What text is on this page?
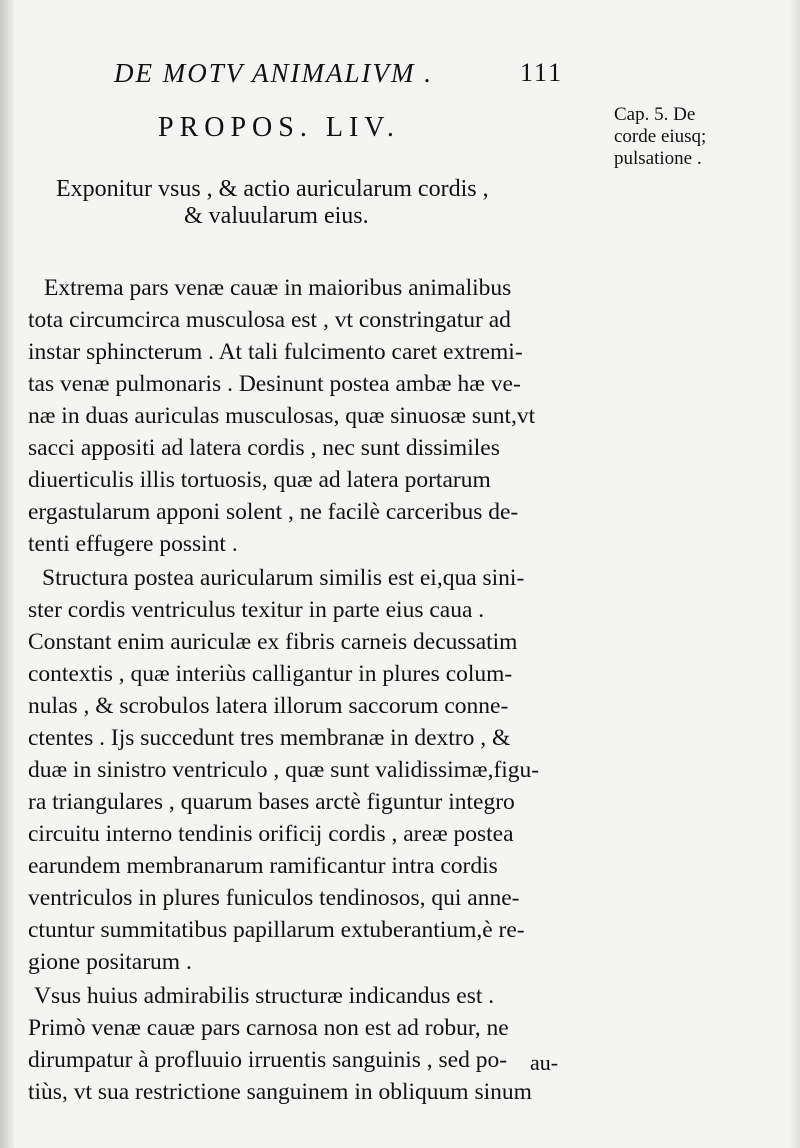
DE MOTV ANIMALIVM .	111
PROPOS. LIV.	Cap. 5. De
corde eiusq;
pulsatione .
Exponitur vsus , & actio auricularum cordis ,
& valuularum eius.
Extrema pars venæ cauæ in maioribus animalibus
tota circumcirca musculosa est , vt constringatur ad
instar sphincterum . At tali fulcimento caret extremi-
tas venæ pulmonaris . Desinunt postea ambæ hæ ve-
næ in duas auriculas musculosas, quæ sinuosæ sunt,vt
sacci appositi ad latera cordis , nec sunt dissimiles
diuerticulis illis tortuosis, quæ ad latera portarum
ergastularum apponi solent , ne facilè carceribus de-
tenti effugere possint .
Structura postea auricularum similis est ei,qua sini-
ster cordis ventriculus texitur in parte eius caua .
Constant enim auriculæ ex fibris carneis decussatim
contextis , quæ interiùs calligantur in plures colum-
nulas , & scrobulos latera illorum saccorum conne-
ctentes . Ijs succedunt tres membranæ in dextro , &
duæ in sinistro ventriculo , quæ sunt validissimæ,figu-
ra triangulares , quarum bases arctè figuntur integro
circuitu interno tendinis orificij cordis , areæ postea
earundem membranarum ramificantur intra cordis
ventriculos in plures funiculos tendinosos, qui anne-
ctuntur summitatibus papillarum extuberantium,è re-
gione positarum .
Vsus huius admirabilis structuræ indicandus est .
Primò venæ cauæ pars carnosa non est ad robur, ne
dirumpatur à profluuio irruentis sanguinis , sed po-
tiùs, vt sua restrictione sanguinem in obliquum sinum
au-
